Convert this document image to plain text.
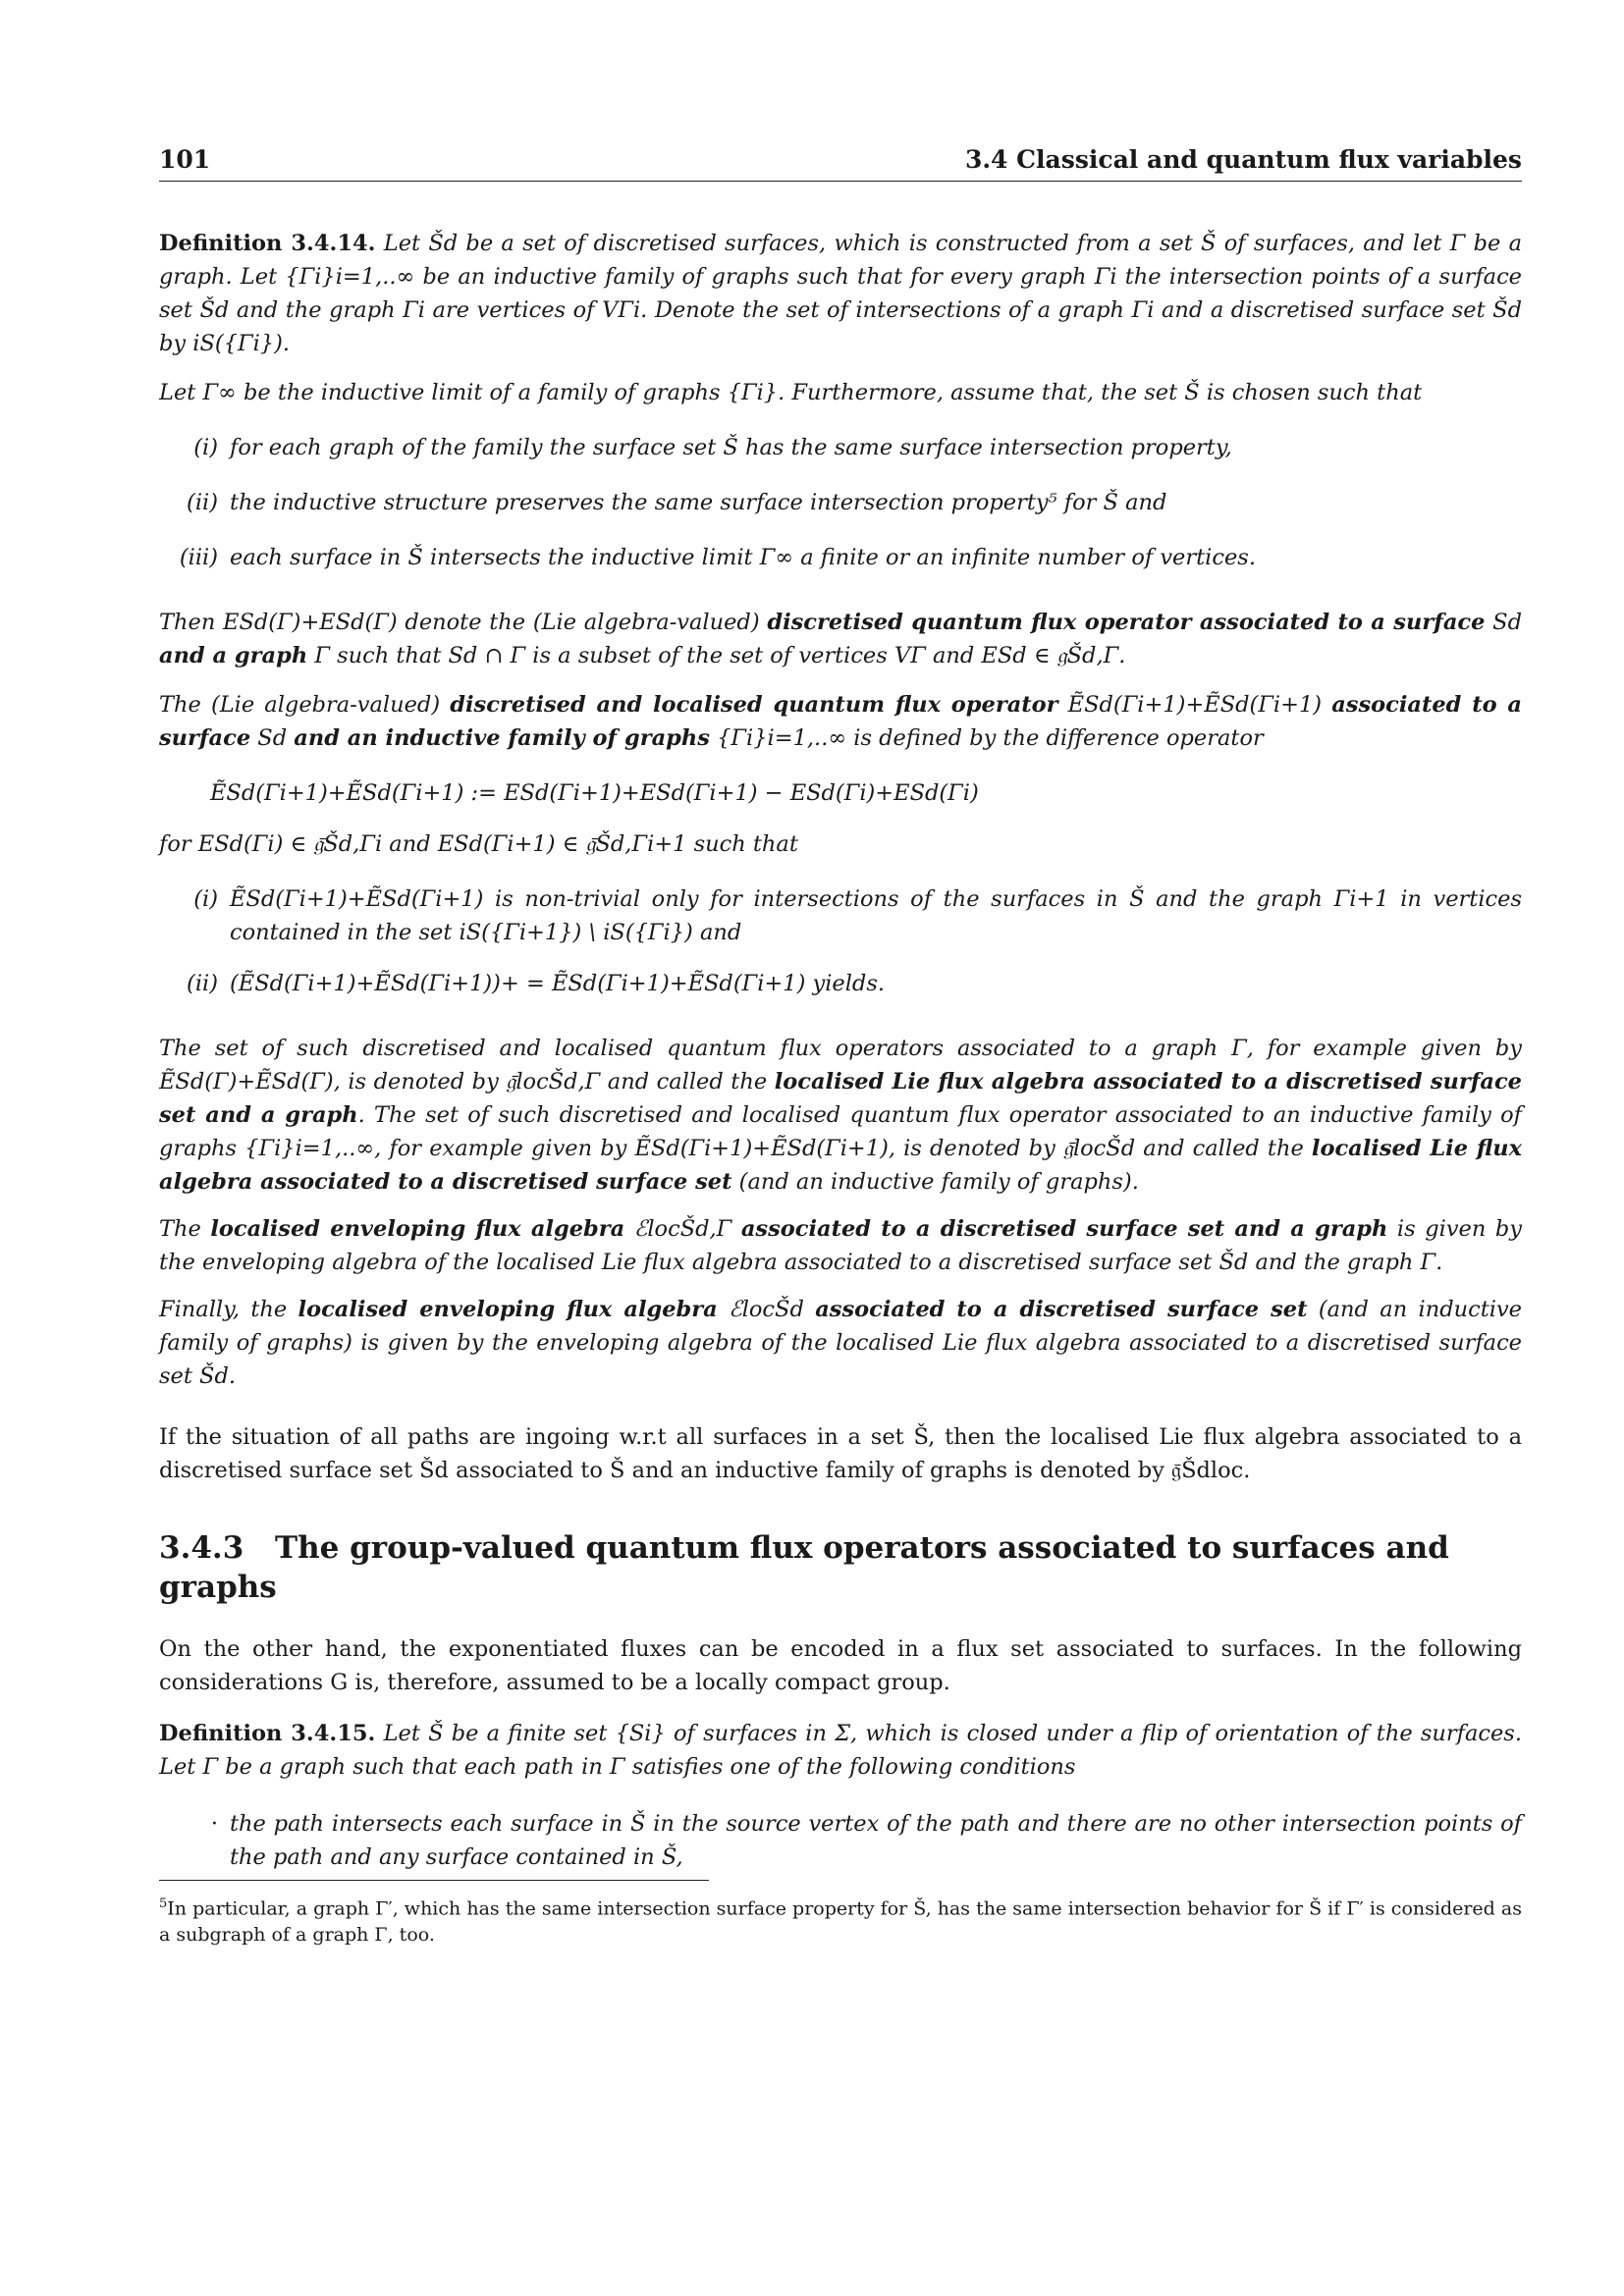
101	3.4 Classical and quantum flux variables

Definition 3.4.14. Let Šd be a set of discretised surfaces, which is constructed from a set Š of surfaces, and let Γ be a graph. Let {Γi}i=1,..∞ be an inductive family of graphs such that for every graph Γi the intersection points of a surface set Šd and the graph Γi are vertices of VΓi. Denote the set of intersections of a graph Γi and a discretised surface set Šd by iS({Γi}).

Let Γ∞ be the inductive limit of a family of graphs {Γi}. Furthermore, assume that, the set Š is chosen such that

(i) for each graph of the family the surface set Š has the same surface intersection property,
(ii) the inductive structure preserves the same surface intersection property⁵ for Š and
(iii) each surface in Š intersects the inductive limit Γ∞ a finite or an infinite number of vertices.

Then ESd(Γ)+ESd(Γ) denote the (Lie algebra-valued) discretised quantum flux operator associated to a surface Sd and a graph Γ such that Sd ∩ Γ is a subset of the set of vertices VΓ and ESd ∈ 𝔤Šd,Γ.

The (Lie algebra-valued) discretised and localised quantum flux operator ẼSd(Γi+1)+ẼSd(Γi+1) associated to a surface Sd and an inductive family of graphs {Γi}i=1,..∞ is defined by the difference operator

ẼSd(Γi+1)+ẼSd(Γi+1) := ESd(Γi+1)+ESd(Γi+1) − ESd(Γi)+ESd(Γi)

for ESd(Γi) ∈ 𝔤̄Šd,Γi and ESd(Γi+1) ∈ 𝔤̄Šd,Γi+1 such that

(i) ẼSd(Γi+1)+ẼSd(Γi+1) is non-trivial only for intersections of the surfaces in Š and the graph Γi+1 in vertices contained in the set iS({Γi+1}) \ iS({Γi}) and
(ii) (ẼSd(Γi+1)+ẼSd(Γi+1))+ = ẼSd(Γi+1)+ẼSd(Γi+1) yields.

The set of such discretised and localised quantum flux operators associated to a graph Γ, for example given by ẼSd(Γ)+ẼSd(Γ), is denoted by 𝔤̄locŠd,Γ and called the localised Lie flux algebra associated to a discretised surface set and a graph. The set of such discretised and localised quantum flux operator associated to an inductive family of graphs {Γi}i=1,..∞, for example given by ẼSd(Γi+1)+ẼSd(Γi+1), is denoted by 𝔤̄locŠd and called the localised Lie flux algebra associated to a discretised surface set (and an inductive family of graphs).

The localised enveloping flux algebra ℰlocŠd,Γ associated to a discretised surface set and a graph is given by the enveloping algebra of the localised Lie flux algebra associated to a discretised surface set Šd and the graph Γ.

Finally, the localised enveloping flux algebra ℰlocŠd associated to a discretised surface set (and an inductive family of graphs) is given by the enveloping algebra of the localised Lie flux algebra associated to a discretised surface set Šd.

If the situation of all paths are ingoing w.r.t all surfaces in a set Š, then the localised Lie flux algebra associated to a discretised surface set Šd associated to Š and an inductive family of graphs is denoted by 𝔤̄Šdloc.

3.4.3 The group-valued quantum flux operators associated to surfaces and graphs

On the other hand, the exponentiated fluxes can be encoded in a flux set associated to surfaces. In the following considerations G is, therefore, assumed to be a locally compact group.

Definition 3.4.15. Let Š be a finite set {Si} of surfaces in Σ, which is closed under a flip of orientation of the surfaces. Let Γ be a graph such that each path in Γ satisfies one of the following conditions

· the path intersects each surface in Š in the source vertex of the path and there are no other intersection points of the path and any surface contained in Š,

$^5$In particular, a graph Γ′, which has the same intersection surface property for Š, has the same intersection behavior for Š if Γ′ is considered as a subgraph of a graph Γ, too.
